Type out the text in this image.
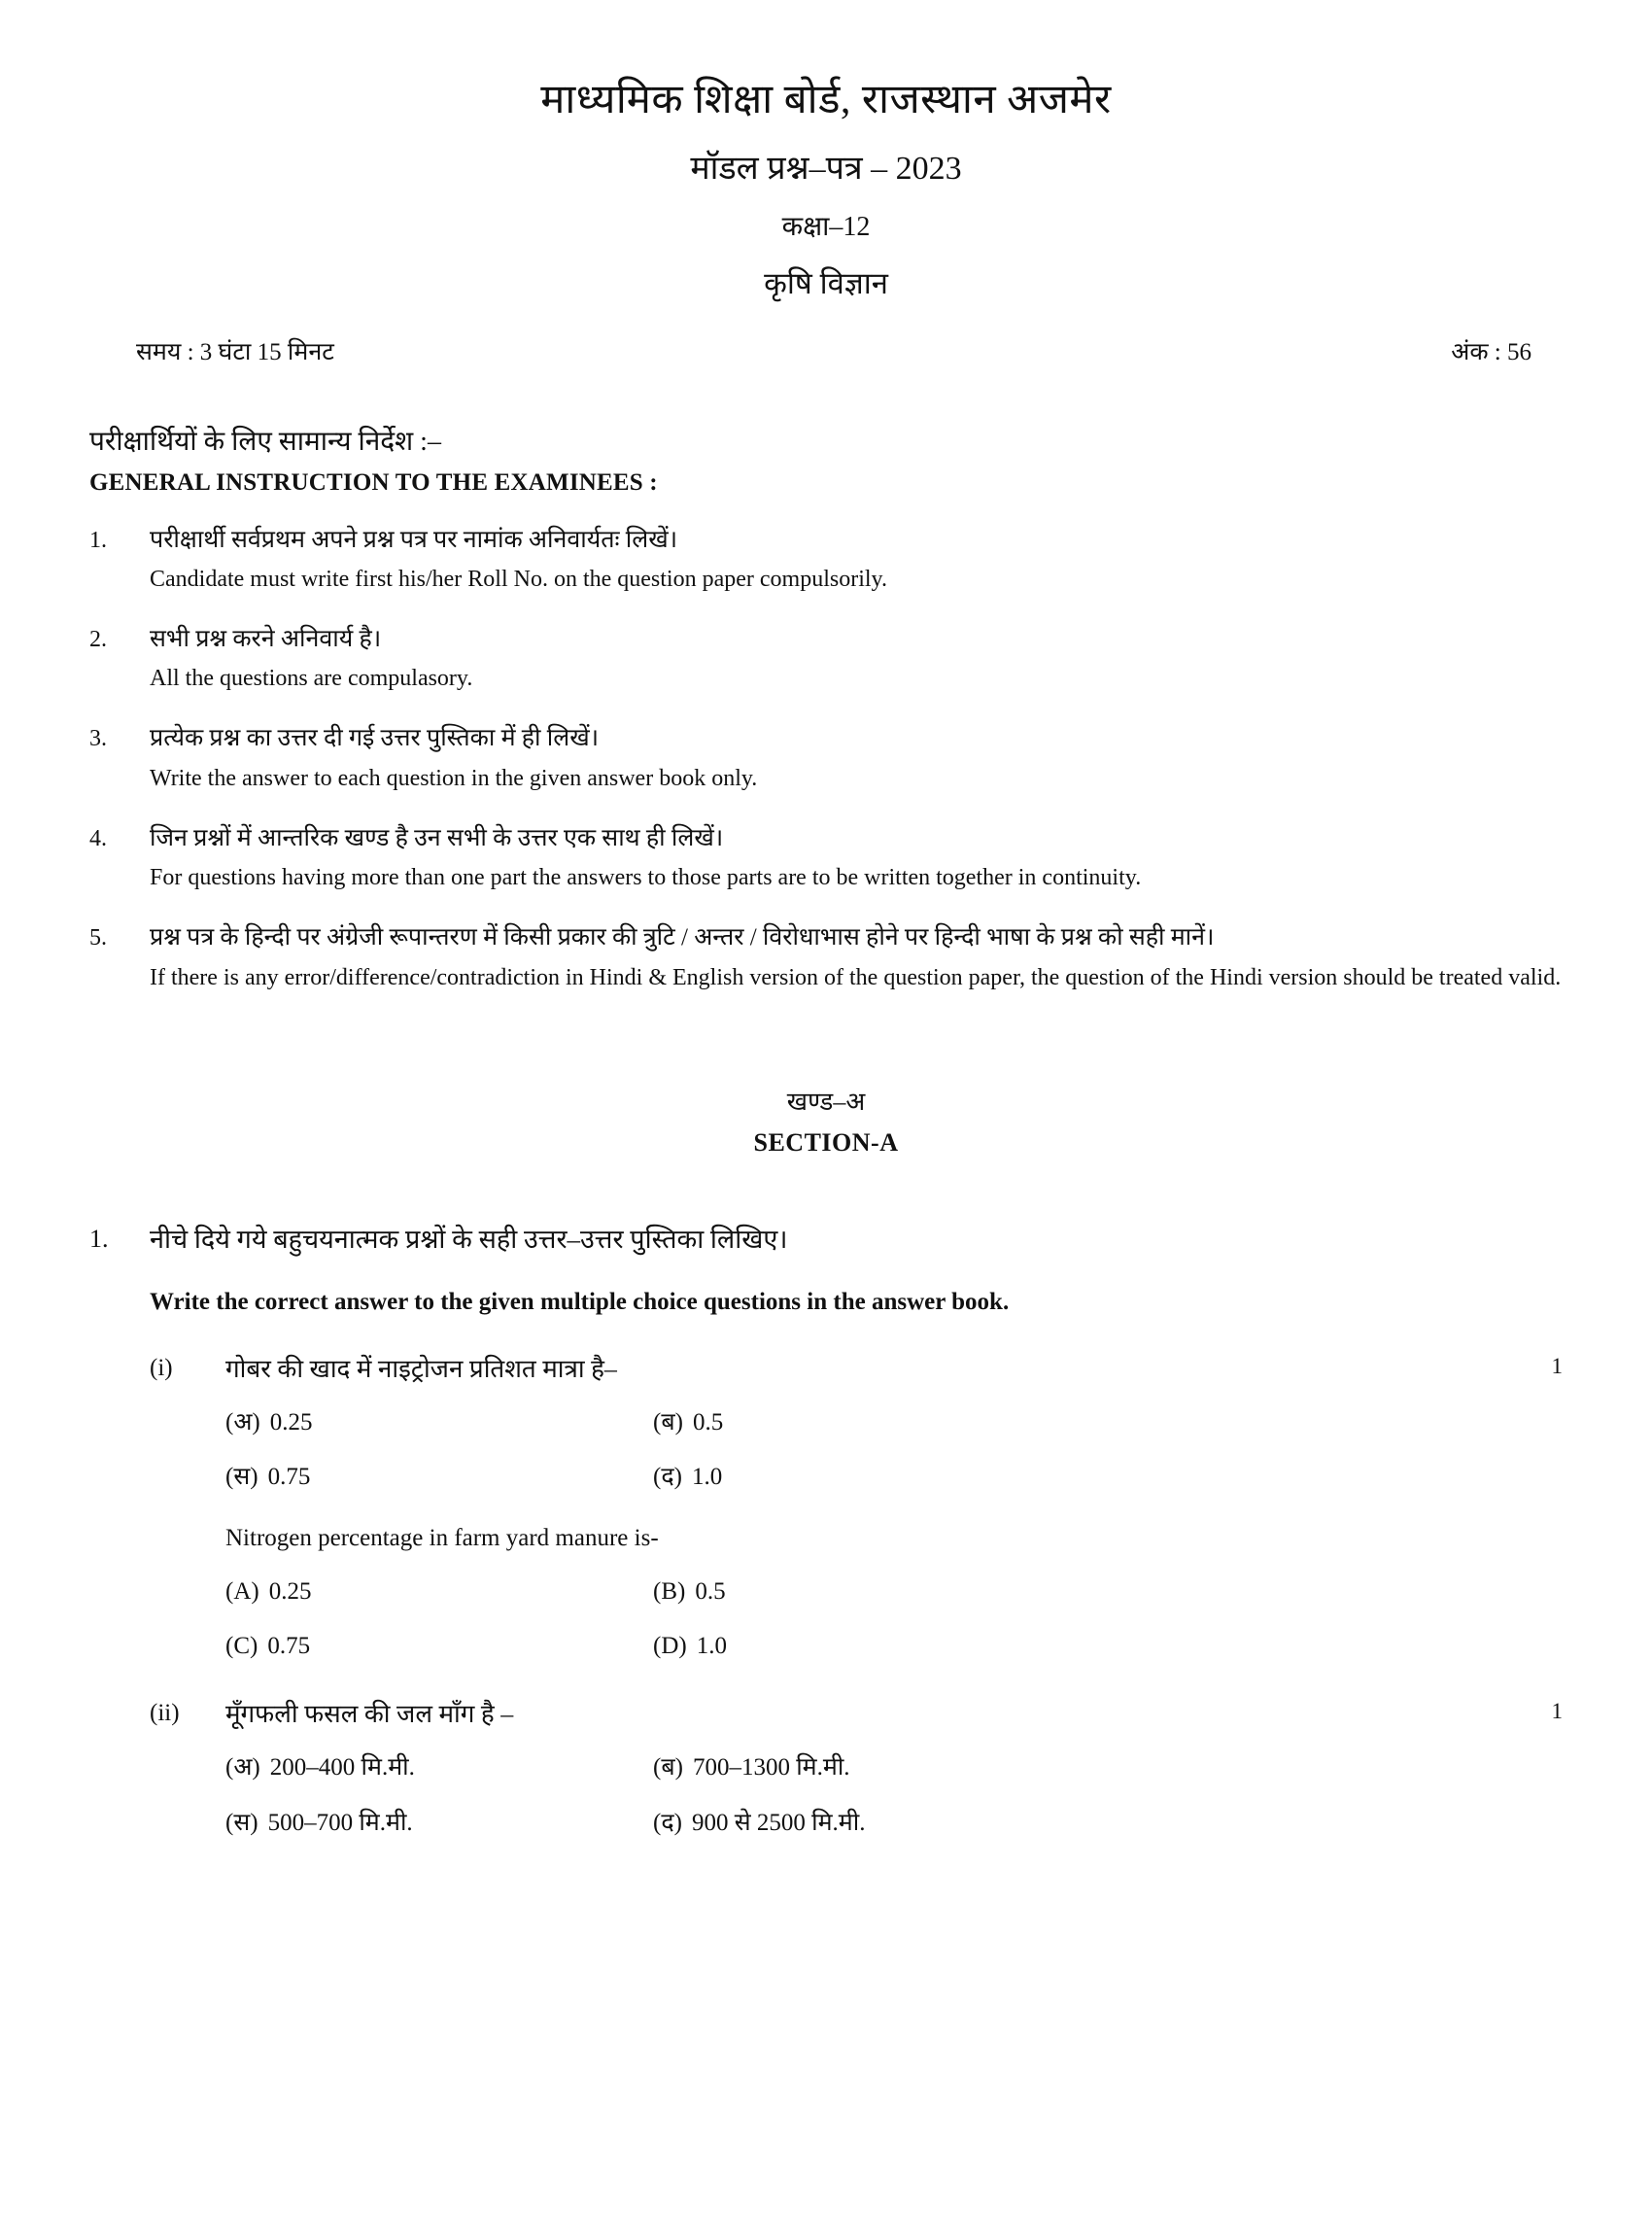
माध्यमिक शिक्षा बोर्ड, राजस्थान अजमेर
मॉडल प्रश्न–पत्र – 2023
कक्षा–12
कृषि विज्ञान
समय : 3 घंटा 15 मिनट	अंक : 56
परीक्षार्थियों के लिए सामान्य निर्देश :–
GENERAL INSTRUCTION TO THE EXAMINEES :
1.	परीक्षार्थी सर्वप्रथम अपने प्रश्न पत्र पर नामांक अनिवार्यतः लिखें।
Candidate must write first his/her Roll No. on the question paper compulsorily.
2.	सभी प्रश्न करने अनिवार्य है।
All the questions are compulasory.
3.	प्रत्येक प्रश्न का उत्तर दी गई उत्तर पुस्तिका में ही लिखें।
Write the answer to each question in the given answer book only.
4.	जिन प्रश्नों में आन्तरिक खण्ड है उन सभी के उत्तर एक साथ ही लिखें।
For questions having more than one part the answers to those parts are to be written together in continuity.
5.	प्रश्न पत्र के हिन्दी पर अंग्रेजी रूपान्तरण में किसी प्रकार की त्रुटि / अन्तर / विरोधाभास होने पर हिन्दी भाषा के प्रश्न को सही मानें।
If there is any error/difference/contradiction in Hindi & English version of the question paper, the question of the Hindi version should be treated valid.
खण्ड–अ
SECTION-A
1.	नीचे दिये गये बहुचयनात्मक प्रश्नों के सही उत्तर–उत्तर पुस्तिका लिखिए।
Write the correct answer to the given multiple choice questions in the answer book.
(i)	गोबर की खाद में नाइट्रोजन प्रतिशत मात्रा है–	1
(अ) 0.25	(ब) 0.5
(स) 0.75	(द) 1.0
Nitrogen percentage in farm yard manure is-
(A) 0.25	(B) 0.5
(C) 0.75	(D) 1.0
(ii)	मूँगफली फसल की जल माँग है –	1
(अ) 200–400 मि.मी.	(ब) 700–1300 मि.मी.
(स) 500–700 मि.मी.	(द) 900 से 2500 मि.मी.
